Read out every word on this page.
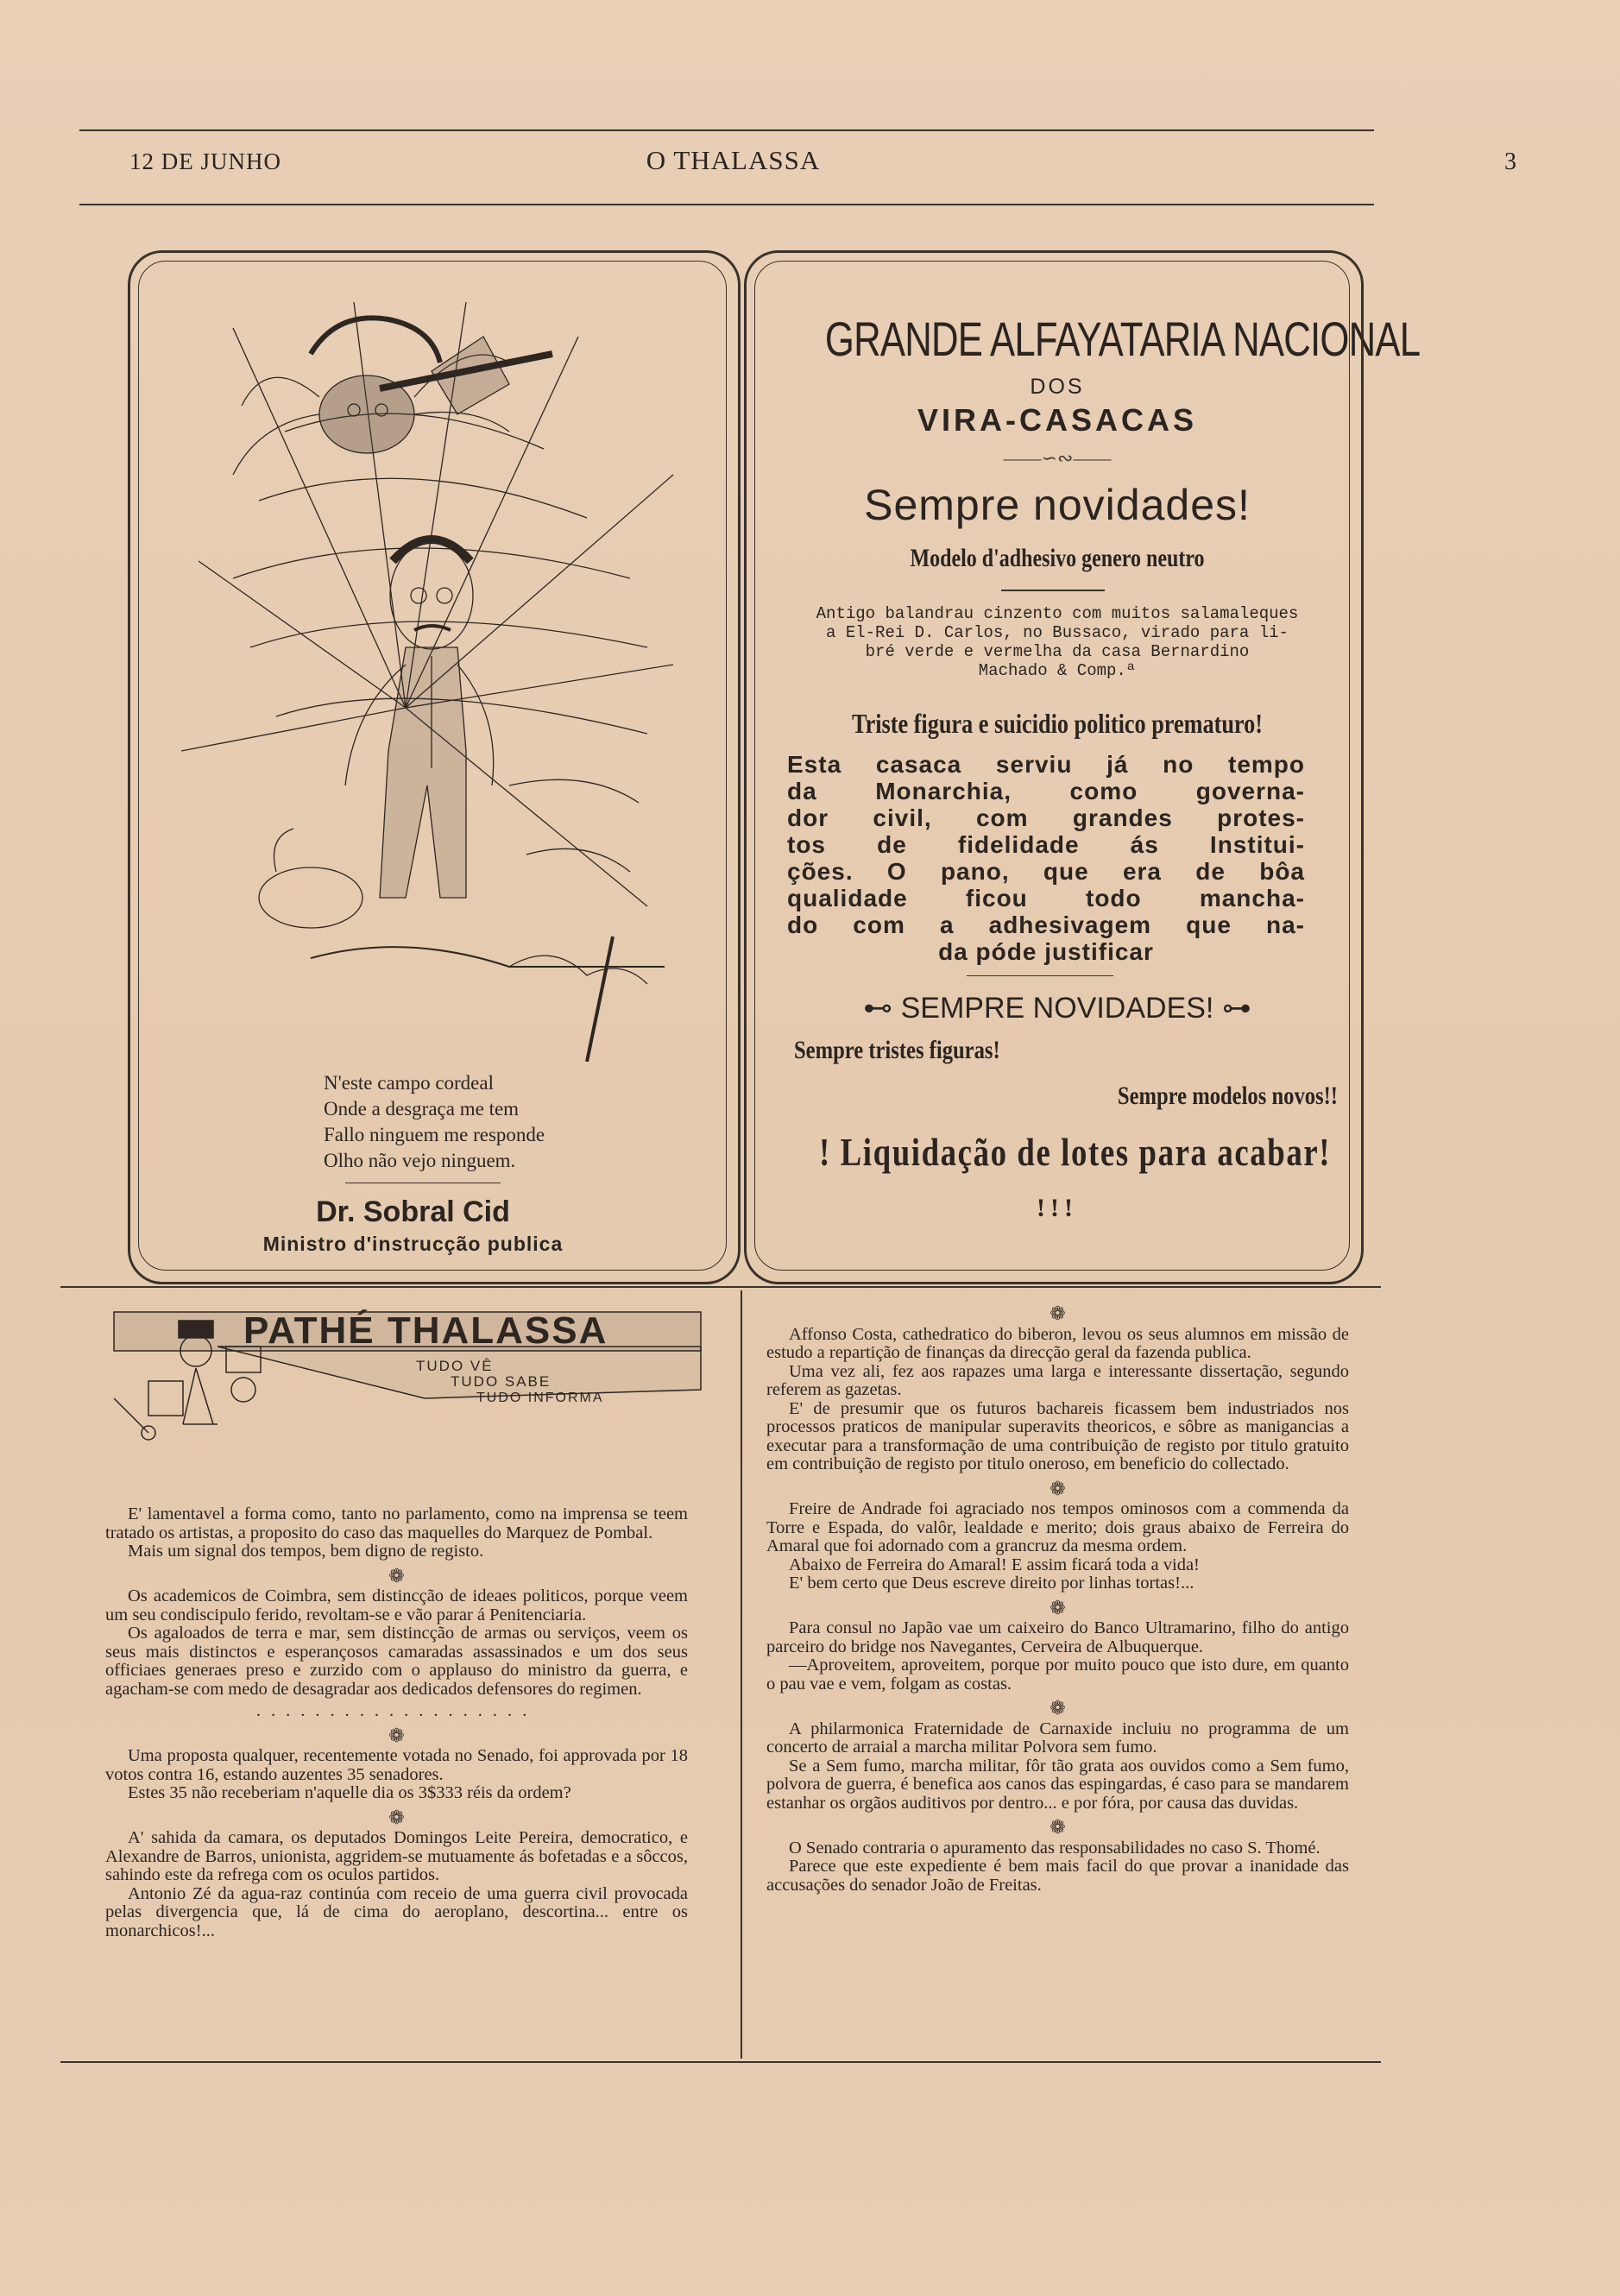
12 DE JUNHO	O THALASSA	3
N'este campo cordeal
Onde a desgraça me tem
Fallo ninguem me responde
Olho não vejo ninguem.
Dr. Sobral Cid
Ministro d'instrucção publica
GRANDE ALFAYATARIA NACIONAL
DOS
VIRA-CASACAS
——∽∾——
Sempre novidades!
Modelo d'adhesivo genero neutro
Antigo balandrau cinzento com muitos salamaleques
a El-Rei D. Carlos, no Bussaco, virado para li-
bré verde e vermelha da casa Bernardino
Machado & Comp.ª
Triste figura e suicidio politico prematuro!
Esta casaca serviu já no tempo
da Monarchia, como governa-
dor civil, com grandes protes-
tos de fidelidade ás Institui-
ções. O pano, que era de bôa
qualidade ficou todo mancha-
do com a adhesivagem que na-
da póde justificar
⊷ SEMPRE NOVIDADES! ⊶
Sempre tristes figuras!
Sempre modelos novos!!
! Liquidação de lotes para acabar!
!!!
PATHÉ THALASSA
TUDO VÊ
TUDO SABE
TUDO INFORMA

E' lamentavel a forma como, tanto no parlamento, como na imprensa se teem tratado os artistas, a proposito do caso das maquelles do Marquez de Pombal.

Mais um signal dos tempos, bem digno de registo.

❁

Os academicos de Coimbra, sem distincção de ideaes politicos, porque veem um seu condiscipulo ferido, revoltam-se e vão parar á Penitenciaria.

Os agaloados de terra e mar, sem distincção de armas ou serviços, veem os seus mais distinctos e esperançosos camaradas assassinados e um dos seus officiaes generaes preso e zurzido com o applauso do ministro da guerra, e agacham-se com medo de desagradar aos dedicados defensores do regimen.

...................
❁

Uma proposta qualquer, recentemente votada no Senado, foi approvada por 18 votos contra 16, estando auzentes 35 senadores.

Estes 35 não receberiam n'aquelle dia os 3$333 réis da ordem?

❁

A' sahida da camara, os deputados Domingos Leite Pereira, democratico, e Alexandre de Barros, unionista, aggridem-se mutuamente ás bofetadas e a sôccos, sahindo este da refrega com os oculos partidos.

Antonio Zé da agua-raz continúa com receio de uma guerra civil provocada pelas divergencia que, lá de cima do aeroplano, descortina... entre os monarchicos!...

❁

Affonso Costa, cathedratico do biberon, levou os seus alumnos em missão de estudo a repartição de finanças da direcção geral da fazenda publica.

Uma vez ali, fez aos rapazes uma larga e interessante dissertação, segundo referem as gazetas.

E' de presumir que os futuros bachareis ficassem bem industriados nos processos praticos de manipular superavits theoricos, e sôbre as manigancias a executar para a transformação de uma contribuição de registo por titulo gratuito em contribuição de registo por titulo oneroso, em beneficio do collectado.

❁

Freire de Andrade foi agraciado nos tempos ominosos com a commenda da Torre e Espada, do valôr, lealdade e merito; dois graus abaixo de Ferreira do Amaral que foi adornado com a grancruz da mesma ordem.

Abaixo de Ferreira do Amaral! E assim ficará toda a vida!

E' bem certo que Deus escreve direito por linhas tortas!...

❁

Para consul no Japão vae um caixeiro do Banco Ultramarino, filho do antigo parceiro do bridge nos Navegantes, Cerveira de Albuquerque.

—Aproveitem, aproveitem, porque por muito pouco que isto dure, em quanto o pau vae e vem, folgam as costas.

❁

A philarmonica Fraternidade de Carnaxide incluiu no programma de um concerto de arraial a marcha militar Polvora sem fumo.

Se a Sem fumo, marcha militar, fôr tão grata aos ouvidos como a Sem fumo, polvora de guerra, é benefica aos canos das espingardas, é caso para se mandarem estanhar os orgãos auditivos por dentro... e por fóra, por causa das duvidas.

❁

O Senado contraria o apuramento das responsabilidades no caso S. Thomé.

Parece que este expediente é bem mais facil do que provar a inanidade das accusações do senador João de Freitas.
